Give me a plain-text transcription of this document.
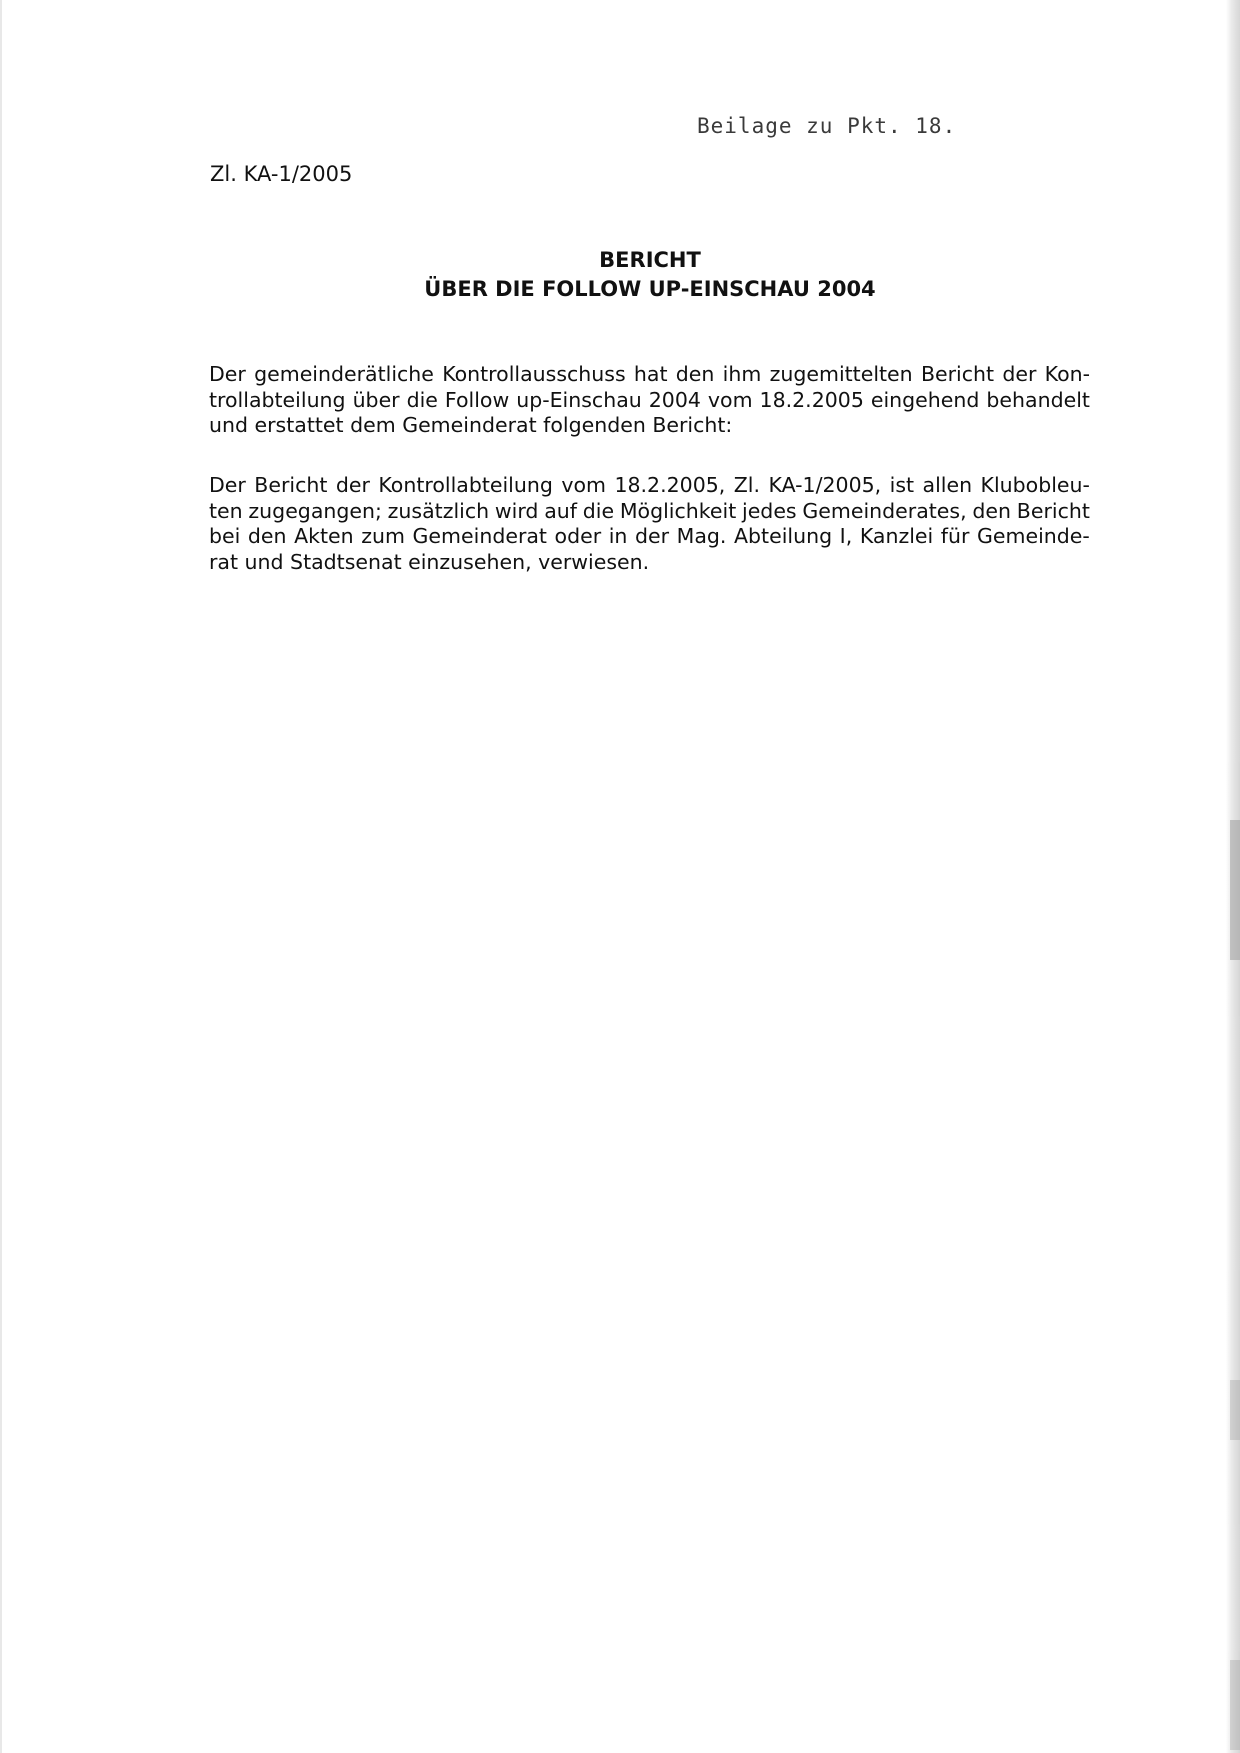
Beilage zu Pkt. 18.
Zl. KA-1/2005
BERICHT
ÜBER DIE FOLLOW UP-EINSCHAU 2004
Der gemeinderätliche Kontrollausschuss hat den ihm zugemittelten Bericht der Kon-
trollabteilung über die Follow up-Einschau 2004 vom 18.2.2005 eingehend behandelt
und erstattet dem Gemeinderat folgenden Bericht:
Der Bericht der Kontrollabteilung vom 18.2.2005, Zl. KA-1/2005, ist allen Klubobleu-
ten zugegangen; zusätzlich wird auf die Möglichkeit jedes Gemeinderates, den Bericht
bei den Akten zum Gemeinderat oder in der Mag. Abteilung I, Kanzlei für Gemeinde-
rat und Stadtsenat einzusehen, verwiesen.
